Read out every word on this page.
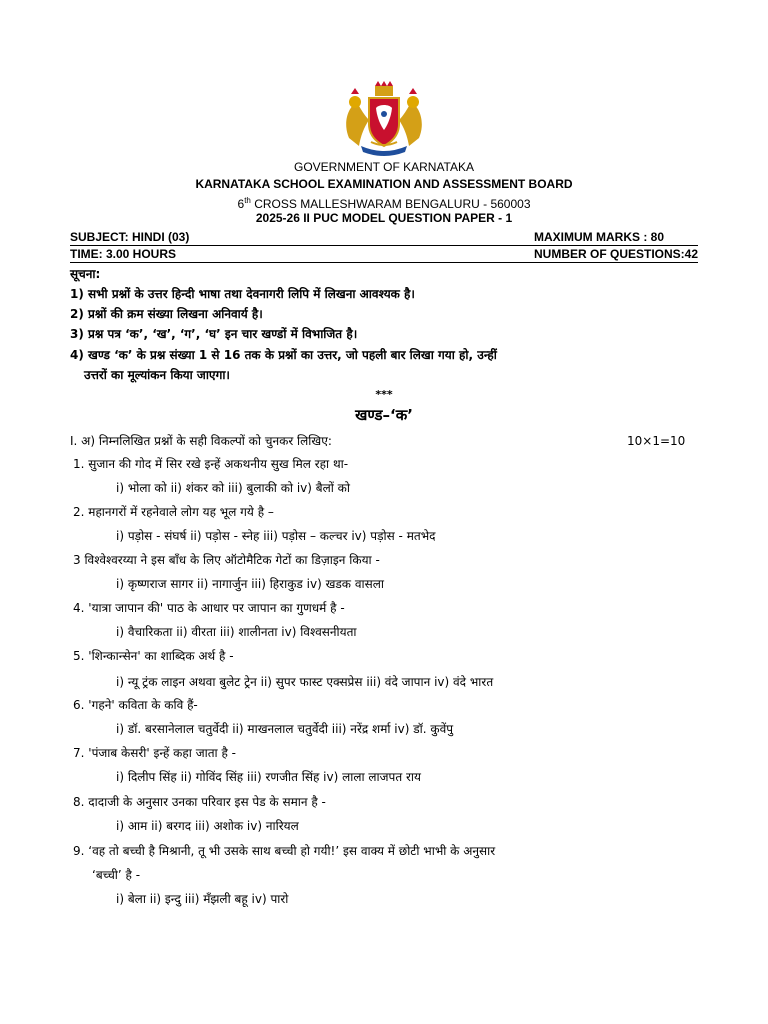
GOVERNMENT OF KARNATAKA
KARNATAKA SCHOOL EXAMINATION AND ASSESSMENT BOARD
6th CROSS MALLESHWARAM BENGALURU - 560003
2025-26 II PUC MODEL QUESTION PAPER - 1
SUBJECT: HINDI (03)	MAXIMUM MARKS : 80
TIME: 3.00 HOURS	NUMBER OF QUESTIONS:42
सूचना:
1) सभी प्रश्नों के उत्तर हिन्दी भाषा तथा देवनागरी लिपि में लिखना आवश्यक है।
2) प्रश्नों की क्रम संख्या लिखना अनिवार्य है।
3) प्रश्न पत्र ‘क’, ‘ख’, ‘ग’, ‘घ’ इन चार खण्डों में विभाजित है।
4) खण्ड ‘क’ के प्रश्न संख्या 1 से 16 तक के प्रश्नों का उत्तर, जो पहली बार लिखा गया हो, उन्हीं
उत्तरों का मूल्यांकन किया जाएगा।
***
खण्ड–‘क’
I. अ) निम्नलिखित प्रश्नों के सही विकल्पों को चुनकर लिखिए:	10×1=10
1. सुजान की गोद में सिर रखे इन्हें अकथनीय सुख मिल रहा था-
i) भोला को ii) शंकर को iii) बुलाकी को iv) बैलों को
2. महानगरों में रहनेवाले लोग यह भूल गये है –
i) पड़ोस - संघर्ष ii) पड़ोस - स्नेह iii) पड़ोस – कल्चर iv) पड़ोस - मतभेद
3 विश्वेश्वरय्या ने इस बाँध के लिए ऑटोमैटिक गेटों का डिज़ाइन किया -
i) कृष्णराज सागर ii) नागार्जुन iii) हिराकुड iv) खडक वासला
4. 'यात्रा जापान की' पाठ के आधार पर जापान का गुणधर्म है -
i) वैचारिकता ii) वीरता iii) शालीनता iv) विश्वसनीयता
5. 'शिन्कान्सेन' का शाब्दिक अर्थ है -
i) न्यू ट्रंक लाइन अथवा बुलेट ट्रेन ii) सुपर फास्ट एक्सप्रेस iii) वंदे जापान iv) वंदे भारत
6. 'गहने' कविता के कवि हैं-
i) डॉ. बरसानेलाल चतुर्वेदी ii) माखनलाल चतुर्वेदी iii) नरेंद्र शर्मा iv) डॉ. कुवेंपु
7. 'पंजाब केसरी' इन्हें कहा जाता है -
i) दिलीप सिंह ii) गोविंद सिंह iii) रणजीत सिंह iv) लाला लाजपत राय
8. दादाजी के अनुसार उनका परिवार इस पेड के समान है -
i) आम ii) बरगद iii) अशोक iv) नारियल
9. ‘वह तो बच्ची है मिश्रानी, तू भी उसके साथ बच्ची हो गयी!’ इस वाक्य में छोटी भाभी के अनुसार
‘बच्ची’ है -
i) बेला ii) इन्दु iii) मँझली बहू iv) पारो
